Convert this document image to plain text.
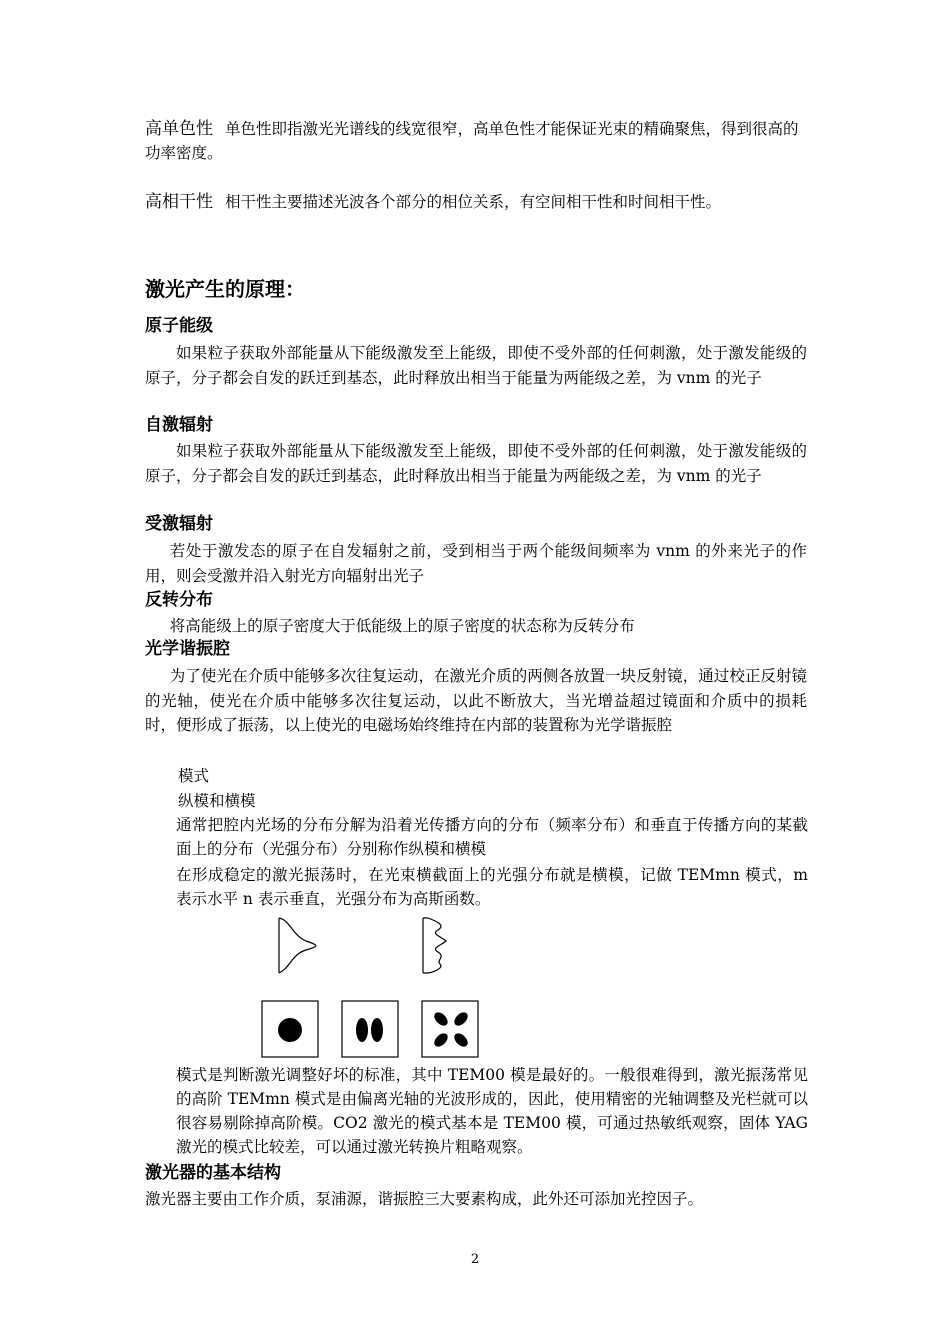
高单色性 单色性即指激光光谱线的线宽很窄，高单色性才能保证光束的精确聚焦，得到很高的功率密度。

高相干性 相干性主要描述光波各个部分的相位关系，有空间相干性和时间相干性。

激光产生的原理：
原子能级

如果粒子获取外部能量从下能级激发至上能级，即使不受外部的任何刺激，处于激发能级的原子，分子都会自发的跃迁到基态，此时释放出相当于能量为两能级之差，为 vnm 的光子

自激辐射

如果粒子获取外部能量从下能级激发至上能级，即使不受外部的任何刺激，处于激发能级的原子，分子都会自发的跃迁到基态，此时释放出相当于能量为两能级之差，为 vnm 的光子

受激辐射

若处于激发态的原子在自发辐射之前，受到相当于两个能级间频率为 vnm 的外来光子的作用，则会受激并沿入射光方向辐射出光子

反转分布

将高能级上的原子密度大于低能级上的原子密度的状态称为反转分布

光学谐振腔

为了使光在介质中能够多次往复运动，在激光介质的两侧各放置一块反射镜，通过校正反射镜的光轴，使光在介质中能够多次往复运动，以此不断放大，当光增益超过镜面和介质中的损耗时，便形成了振荡，以上使光的电磁场始终维持在内部的装置称为光学谐振腔

模式

纵模和横模

通常把腔内光场的分布分解为沿着光传播方向的分布（频率分布）和垂直于传播方向的某截面上的分布（光强分布）分别称作纵模和横模

在形成稳定的激光振荡时，在光束横截面上的光强分布就是横模，记做 TEMmn 模式，m 表示水平 n 表示垂直，光强分布为高斯函数。

模式是判断激光调整好坏的标准，其中 TEM00 模是最好的。一般很难得到，激光振荡常见的高阶 TEMmn 模式是由偏离光轴的光波形成的，因此，使用精密的光轴调整及光栏就可以很容易剔除掉高阶模。CO2 激光的模式基本是 TEM00 模，可通过热敏纸观察，固体 YAG 激光的模式比较差，可以通过激光转换片粗略观察。

激光器的基本结构

激光器主要由工作介质，泵浦源，谐振腔三大要素构成，此外还可添加光控因子。

2
